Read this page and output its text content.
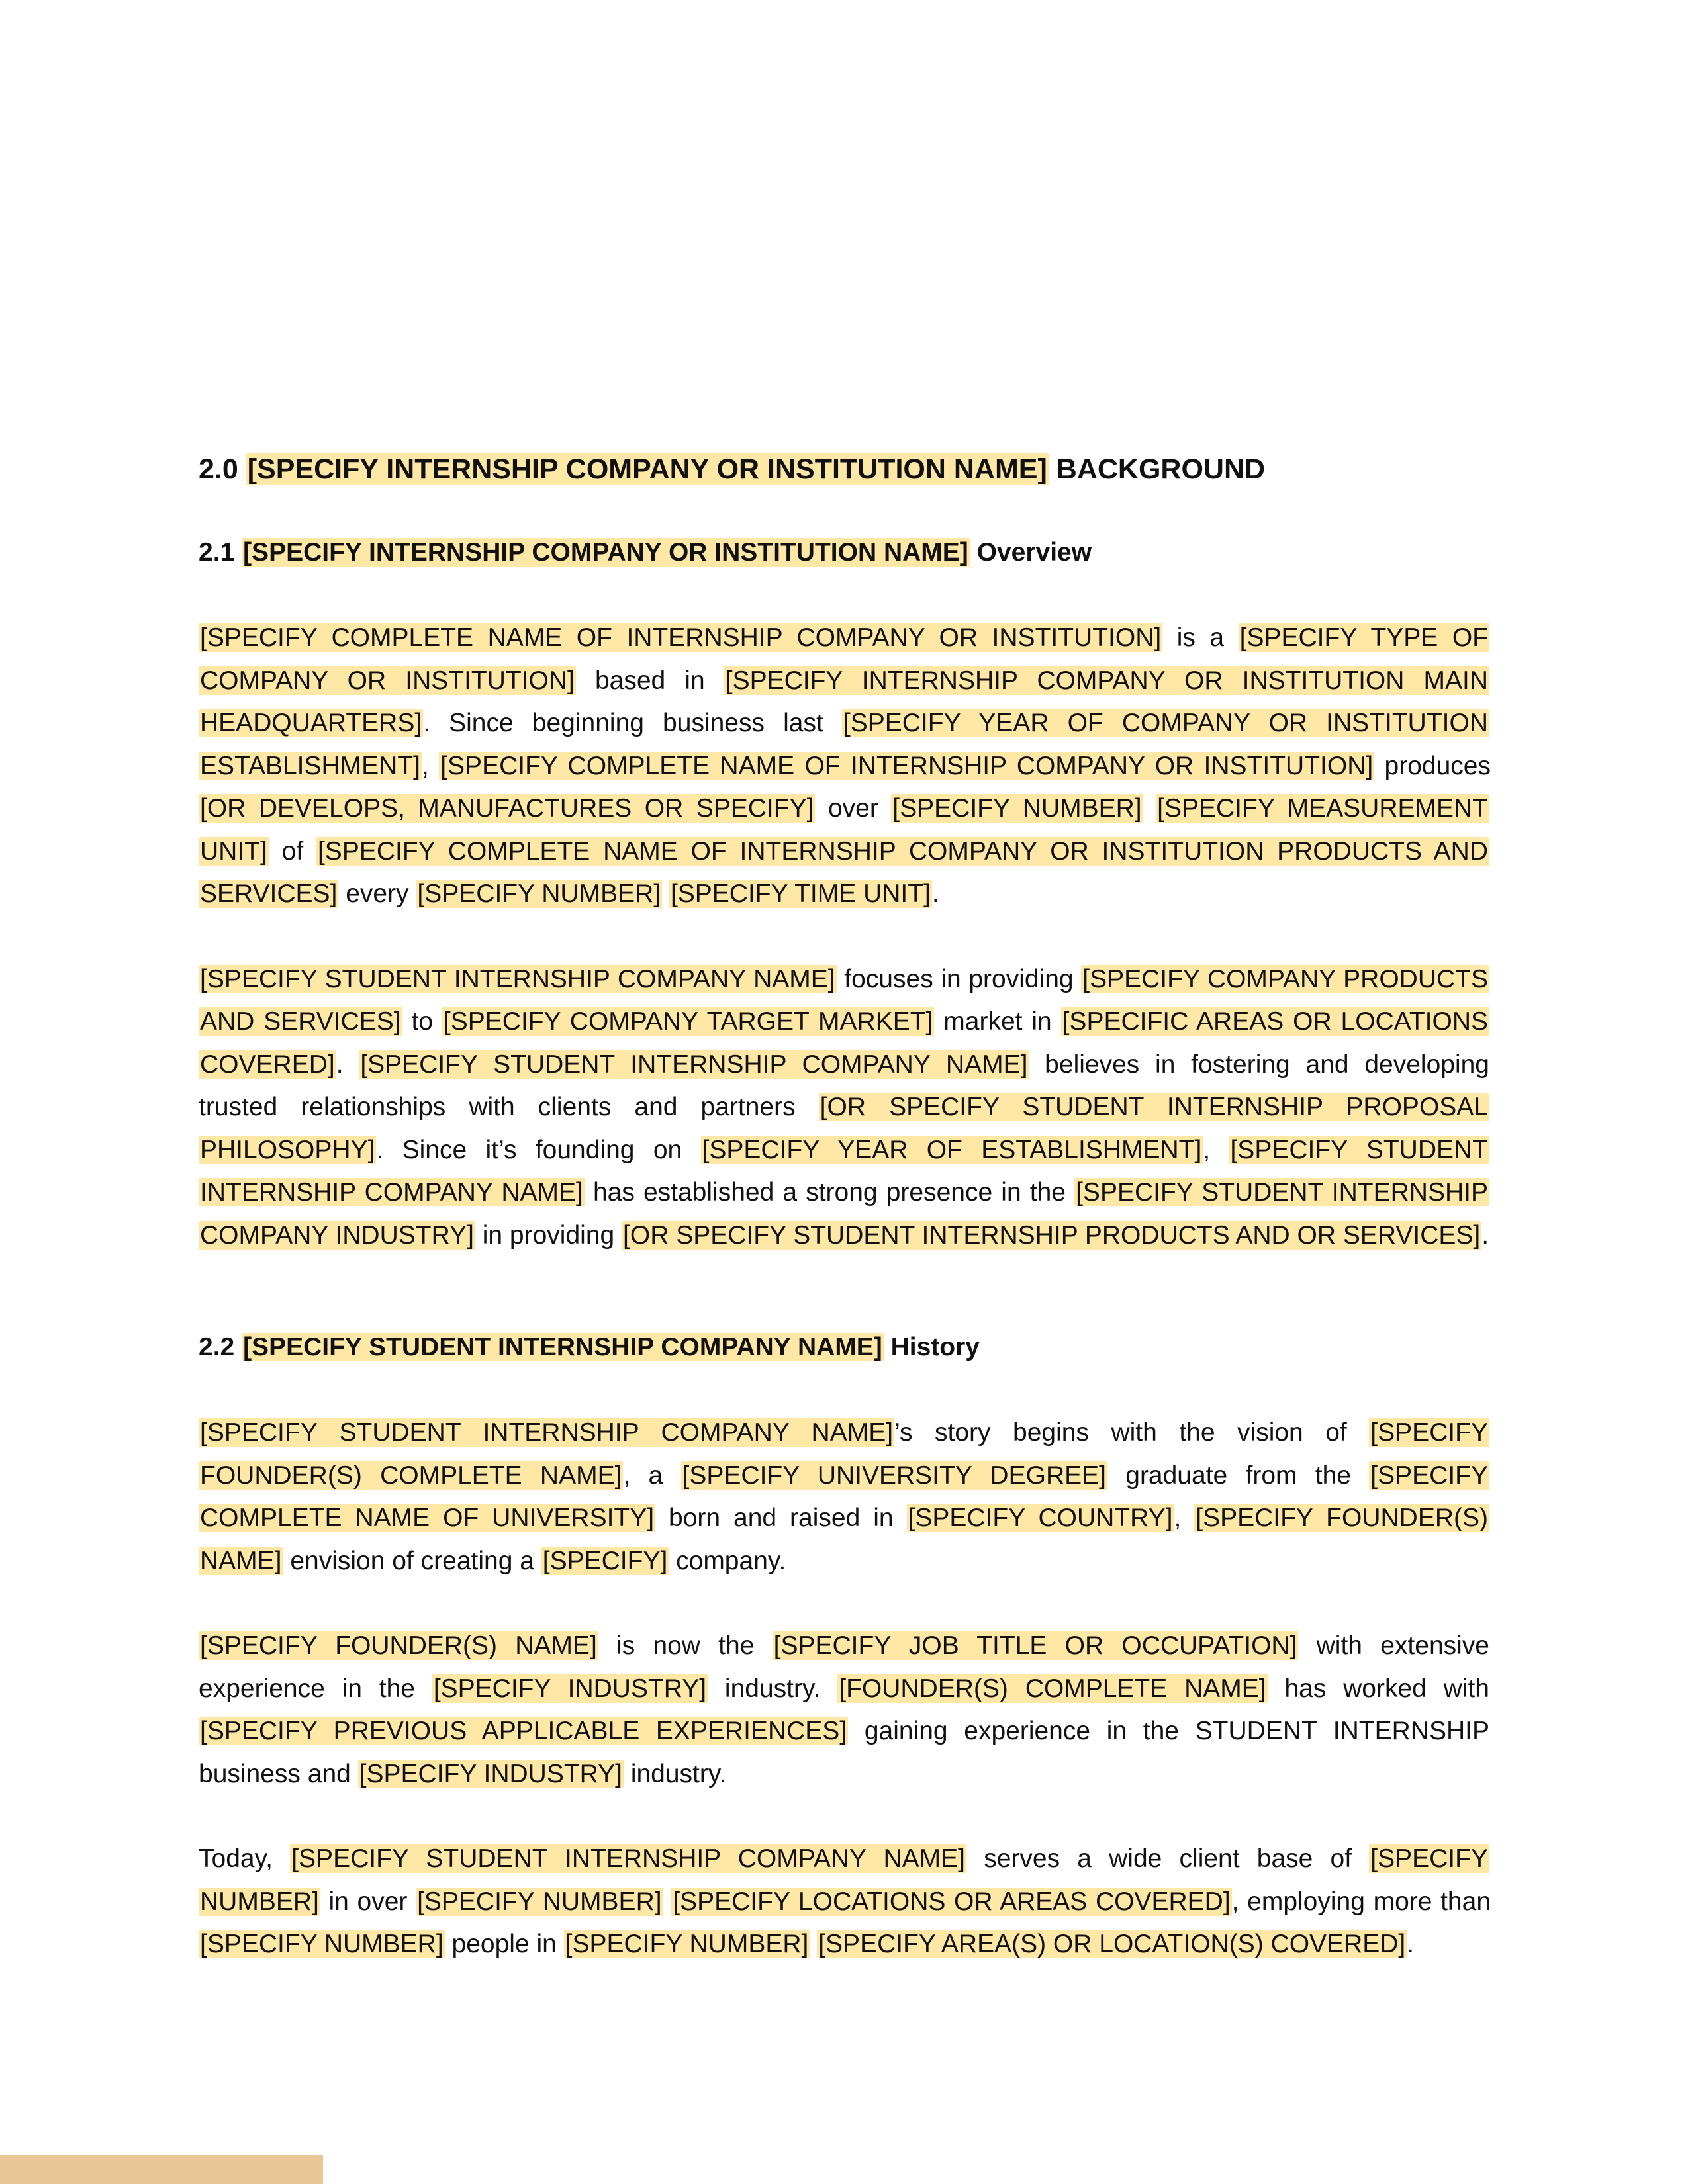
2.0 [SPECIFY INTERNSHIP COMPANY OR INSTITUTION NAME] BACKGROUND
2.1 [SPECIFY INTERNSHIP COMPANY OR INSTITUTION NAME] Overview

[SPECIFY COMPLETE NAME OF INTERNSHIP COMPANY OR INSTITUTION] is a [SPECIFY TYPE OF COMPANY OR INSTITUTION] based in [SPECIFY INTERNSHIP COMPANY OR INSTITUTION MAIN HEADQUARTERS]. Since beginning business last [SPECIFY YEAR OF COMPANY OR INSTITUTION ESTABLISHMENT], [SPECIFY COMPLETE NAME OF INTERNSHIP COMPANY OR INSTITUTION] produces [OR DEVELOPS, MANUFACTURES OR SPECIFY] over [SPECIFY NUMBER] [SPECIFY MEASUREMENT UNIT] of [SPECIFY COMPLETE NAME OF INTERNSHIP COMPANY OR INSTITUTION PRODUCTS AND SERVICES] every [SPECIFY NUMBER] [SPECIFY TIME UNIT].

[SPECIFY STUDENT INTERNSHIP COMPANY NAME] focuses in providing [SPECIFY COMPANY PRODUCTS AND SERVICES] to [SPECIFY COMPANY TARGET MARKET] market in [SPECIFIC AREAS OR LOCATIONS COVERED]. [SPECIFY STUDENT INTERNSHIP COMPANY NAME] believes in fostering and developing trusted relationships with clients and partners [OR SPECIFY STUDENT INTERNSHIP PROPOSAL PHILOSOPHY]. Since it’s founding on [SPECIFY YEAR OF ESTABLISHMENT], [SPECIFY STUDENT INTERNSHIP COMPANY NAME] has established a strong presence in the [SPECIFY STUDENT INTERNSHIP COMPANY INDUSTRY] in providing [OR SPECIFY STUDENT INTERNSHIP PRODUCTS AND OR SERVICES].

2.2 [SPECIFY STUDENT INTERNSHIP COMPANY NAME] History

[SPECIFY STUDENT INTERNSHIP COMPANY NAME]’s story begins with the vision of [SPECIFY FOUNDER(S) COMPLETE NAME], a [SPECIFY UNIVERSITY DEGREE] graduate from the [SPECIFY COMPLETE NAME OF UNIVERSITY] born and raised in [SPECIFY COUNTRY], [SPECIFY FOUNDER(S) NAME] envision of creating a [SPECIFY] company.

[SPECIFY FOUNDER(S) NAME] is now the [SPECIFY JOB TITLE OR OCCUPATION] with extensive experience in the [SPECIFY INDUSTRY] industry. [FOUNDER(S) COMPLETE NAME] has worked with [SPECIFY PREVIOUS APPLICABLE EXPERIENCES] gaining experience in the STUDENT INTERNSHIP business and [SPECIFY INDUSTRY] industry.

Today, [SPECIFY STUDENT INTERNSHIP COMPANY NAME] serves a wide client base of [SPECIFY NUMBER] in over [SPECIFY NUMBER] [SPECIFY LOCATIONS OR AREAS COVERED], employing more than [SPECIFY NUMBER] people in [SPECIFY NUMBER] [SPECIFY AREA(S) OR LOCATION(S) COVERED].
